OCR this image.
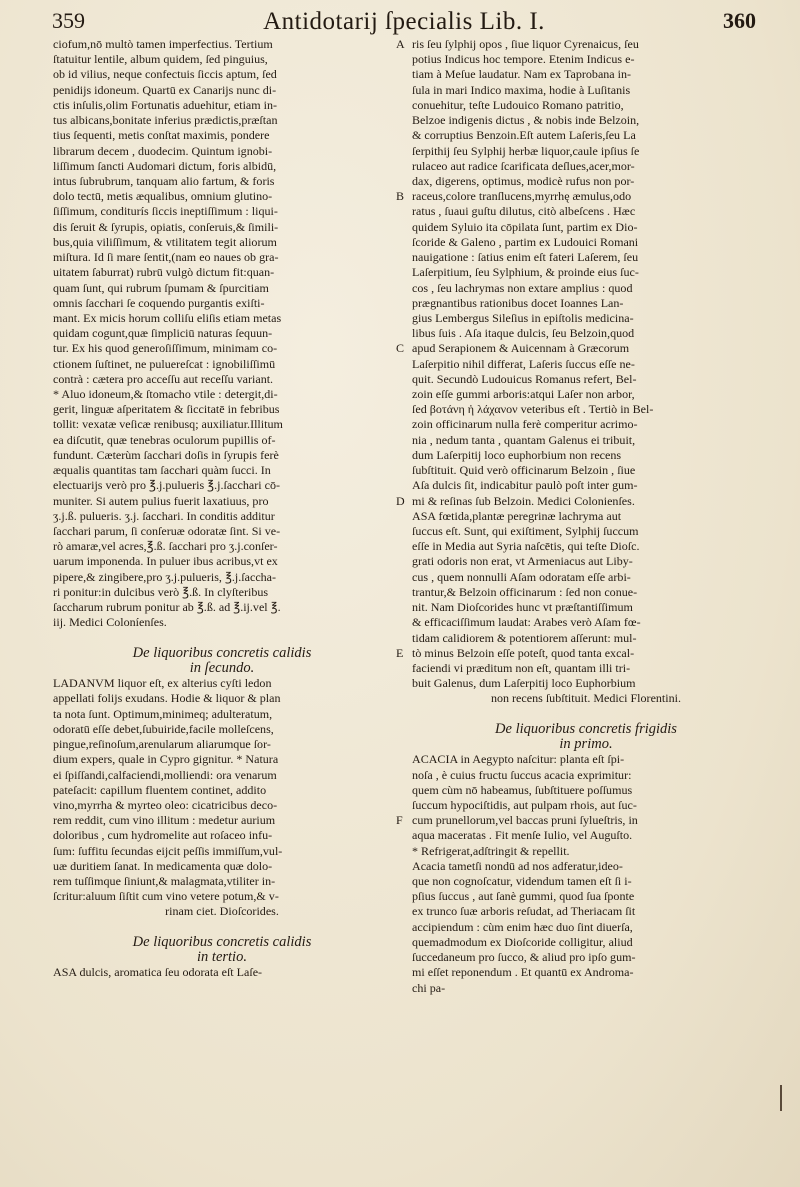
359	Antidotarij ſpecialis Lib. I.	360
ciofum,nō multò tamen imperfectius. Tertium
ſtatuitur lentile, album quidem, ſed pinguius,
ob id vilius, neque confectuis ſiccis aptum, ſed
penidijs idoneum. Quartū ex Canarijs nunc di-
ctis inſulis,olim Fortunatis aduehitur, etiam in-
tus albicans,bonitate inferius prædictis,præſtan
tius ſequenti, metis conſtat maximis, pondere
librarum decem , duodecim. Quintum ignobi-
liſſimum ſancti Audomari dictum, foris albidū,
intus ſubrubrum, tanquam alio fartum, & foris
dolo tectū, metis æqualibus, omnium glutino-
ſiſſimum, conditurís ſiccis ineptiſſimum : liqui-
dis ſeruit & ſyrupis, opiatis, conſeruis,& ſimili-
bus,quia viliſſimum, & vtilitatem tegit aliorum
miſtura. Id ſi mare ſentit,(nam eo naues ob gra-
uitatem ſaburrat) rubrū vulgò dictum fit:quan-
quam ſunt, qui rubrum ſpumam & ſpurcitiam
omnis ſacchari ſe coquendo purgantis exiſti-
mant. Ex micis horum colliſu eliſis etiam metas
quidam cogunt,quæ ſimpliciū naturas ſequun-
tur. Ex his quod generoſiſſimum, minimam co-
ctionem ſuſtinet, ne puluereſcat : ignobiliſſimū
contrà : cætera pro acceſſu aut receſſu variant.
* Aluo idoneum,& ſtomacho vtile : detergit,di-
gerit, linguæ aſperitatem & ſiccitatē in febribus
tollit: vexatæ veſicæ renibusq; auxiliatur.Illitum
ea diſcutit, quæ tenebras oculorum pupillis of-
fundunt. Cæterùm ſacchari doſis in ſyrupis ferè
æqualis quantitas tam ſacchari quàm ſucci. In
electuarijs verò pro ℥.j.pulueris ℥.j.ſacchari cō-
muniter. Si autem pulius fuerit laxatiuus, pro
ʒ.j.ß. pulueris. ʒ.j. ſacchari. In conditis additur
ſacchari parum, ſi conſeruæ odoratæ ſint. Si ve-
rò amaræ,vel acres,℥.ß. ſacchari pro ʒ.j.conſer-
uarum imponenda. In puluer ibus acribus,vt ex
pipere,& zingibere,pro ʒ.j.pulueris, ℥.j.ſaccha-
ri ponitur:in dulcibus verò ℥.ß. In clyſteribus
ſaccharum rubrum ponitur ab ℥.ß. ad ℥.ij.vel ℥.
iij. Medici Coloníenſes.
De liquoribus concretis calidis
in ſecundo.
LADANVM liquor eſt, ex alterius cyſti ledon
appellati folijs exudans. Hodie & liquor & plan
ta nota ſunt. Optimum,minimeq; adulteratum,
odoratū eſſe debet,ſubuiride,facile molleſcens,
pingue,reſinoſum,arenularum aliarumque ſor-
dium expers, quale in Cypro gignitur. * Natura
ei ſpiſſandi,calfaciendi,molliendi: ora venarum
pateſacit: capillum fluentem continet, addito
vino,myrrha & myrteo oleo: cicatricibus deco-
rem reddit, cum vino illitum : medetur aurium
doloribus , cum hydromelite aut roſaceo infu-
ſum: ſuffitu ſecundas eijcit peſſis immiſſum,vul-
uæ duritiem ſanat. In medicamenta quæ dolo-
rem tuſſimque ſiniunt,& malagmata,vtiliter in-
ſcritur:aluum ſiſtit cum vino vetere potum,& v-
rinam ciet. Dioſcorides.
De liquoribus concretis calidis
in tertio.
ASA dulcis, aromatica ſeu odorata eſt Laſe-
A
B
C
D
E
F
ris ſeu ſylphij opos , ſiue liquor Cyrenaicus, ſeu
potius Indicus hoc tempore. Etenim Indicus e-
tiam à Meſue laudatur. Nam ex Taprobana in-
ſula in mari Indico maxima, hodie à Luſitanis
conuehitur, teſte Ludouico Romano patritio,
Belzoe indigenis dictus , & nobis inde Belzoin,
& corruptius Benzoin.Eſt autem Laſeris,ſeu La
ſerpithij ſeu Sylphij herbæ liquor,caule ipſius ſe
rulaceo aut radice ſcarificata deſlues,acer,mor-
dax, digerens, optimus, modicè rufus non por-
raceus,colore tranſlucens,myrrhę æmulus,odo
ratus , ſuaui guſtu dilutus, citò albeſcens . Hæc
quidem Syluio ita cōpilata ſunt, partim ex Dio-
ſcoride & Galeno , partim ex Ludouici Romani
nauigatione : ſatius enim eſt fateri Laſerem, ſeu
Laſerpitium, ſeu Sylphium, & proinde eius ſuc-
cos , ſeu lachrymas non extare amplius : quod
prægnantibus rationibus docet Ioannes Lan-
gius Lembergus Sileſius in epiſtolis medicina-
libus ſuis . Aſa itaque dulcis, ſeu Belzoin,quod
apud Serapionem & Auicennam à Græcorum
Laſerpitio nihil differat, Laſeris ſuccus eſſe ne-
quit. Secundò Ludouicus Romanus refert, Bel-
zoin eſſe gummi arboris:atqui Laſer non arbor,
ſed βοτάνη ἡ λάχανον veteribus eſt . Tertiò in Bel-
zoin officinarum nulla ferè comperitur acrimo-
nia , nedum tanta , quantam Galenus ei tribuit,
dum Laſerpitij loco euphorbium non recens
ſubſtituit. Quid verò officinarum Belzoin , ſiue
Aſa dulcis ſit, indicabitur paulò poſt inter gum-
mi & reſinas ſub Belzoin. Medici Colonienſes.
ASA fœtida,plantæ peregrinæ lachryma aut
ſuccus eſt. Sunt, qui exiſtiment, Sylphij ſuccum
eſſe in Media aut Syria naſcētis, qui teſte Dioſc.
grati odoris non erat, vt Armeniacus aut Liby-
cus , quem nonnulli Aſam odoratam eſſe arbi-
trantur,& Belzoin officinarum : ſed non conue-
nit. Nam Dioſcorides hunc vt præſtantiſſimum
& efficaciſſimum laudat: Arabes verò Aſam fœ-
tidam calidiorem & potentiorem aſſerunt: mul-
tò minus Belzoin eſſe poteſt, quod tanta excal-
faciendi vi præditum non eſt, quantam illi tri-
buit Galenus, dum Laſerpitij loco Euphorbium
non recens ſubſtituit. Medici Florentini.
De liquoribus concretis frigidis
in primo.
ACACIA in Aegypto naſcitur: planta eſt ſpi-
noſa , è cuius fructu ſuccus acacia exprimitur:
quem cùm nō habeamus, ſubſtituere poſſumus
ſuccum hypociſtidis, aut pulpam rhois, aut ſuc-
cum prunellorum,vel baccas pruni ſylueſtris, in
aqua maceratas . Fit menſe Iulio, vel Auguſto.
* Refrigerat,adſtringit & repellit.
Acacia tametſi nondū ad nos adferatur,ideo-
que non cognoſcatur, videndum tamen eſt ſi i-
pſius ſuccus , aut ſanè gummi, quod ſua ſponte
ex trunco ſuæ arboris reſudat, ad Theriacam ſit
accipiendum : cùm enim hæc duo ſint diuerſa,
quemadmodum ex Dioſcoride colligitur, aliud
ſuccedaneum pro ſucco, & aliud pro ipſo gum-
mi eſſet reponendum . Et quantū ex Androma-
chi pa-
